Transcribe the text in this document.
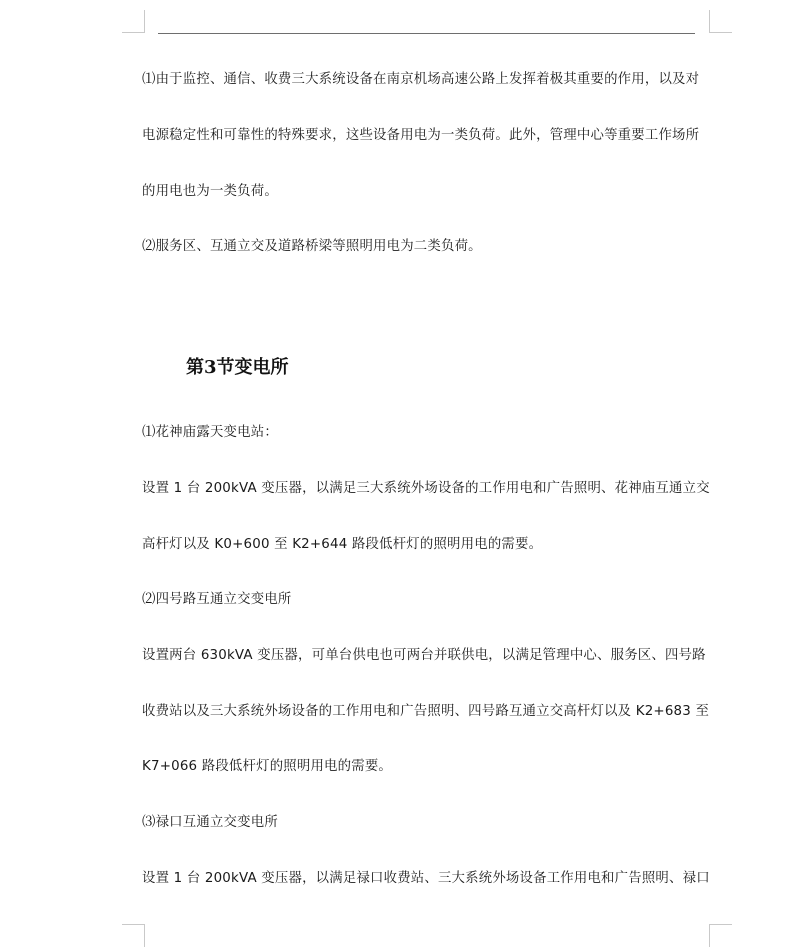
⑴由于监控、通信、收费三大系统设备在南京机场高速公路上发挥着极其重要的作用，以及对
电源稳定性和可靠性的特殊要求，这些设备用电为一类负荷。此外，管理中心等重要工作场所
的用电也为一类负荷。
⑵服务区、互通立交及道路桥梁等照明用电为二类负荷。
第3节变电所
⑴花神庙露天变电站：
设置 1 台 200kVA 变压器，以满足三大系统外场设备的工作用电和广告照明、花神庙互通立交
高杆灯以及 K0+600 至 K2+644 路段低杆灯的照明用电的需要。
⑵四号路互通立交变电所
设置两台 630kVA 变压器，可单台供电也可两台并联供电，以满足管理中心、服务区、四号路
收费站以及三大系统外场设备的工作用电和广告照明、四号路互通立交高杆灯以及 K2+683 至
K7+066 路段低杆灯的照明用电的需要。
⑶禄口互通立交变电所
设置 1 台 200kVA 变压器，以满足禄口收费站、三大系统外场设备工作用电和广告照明、禄口
